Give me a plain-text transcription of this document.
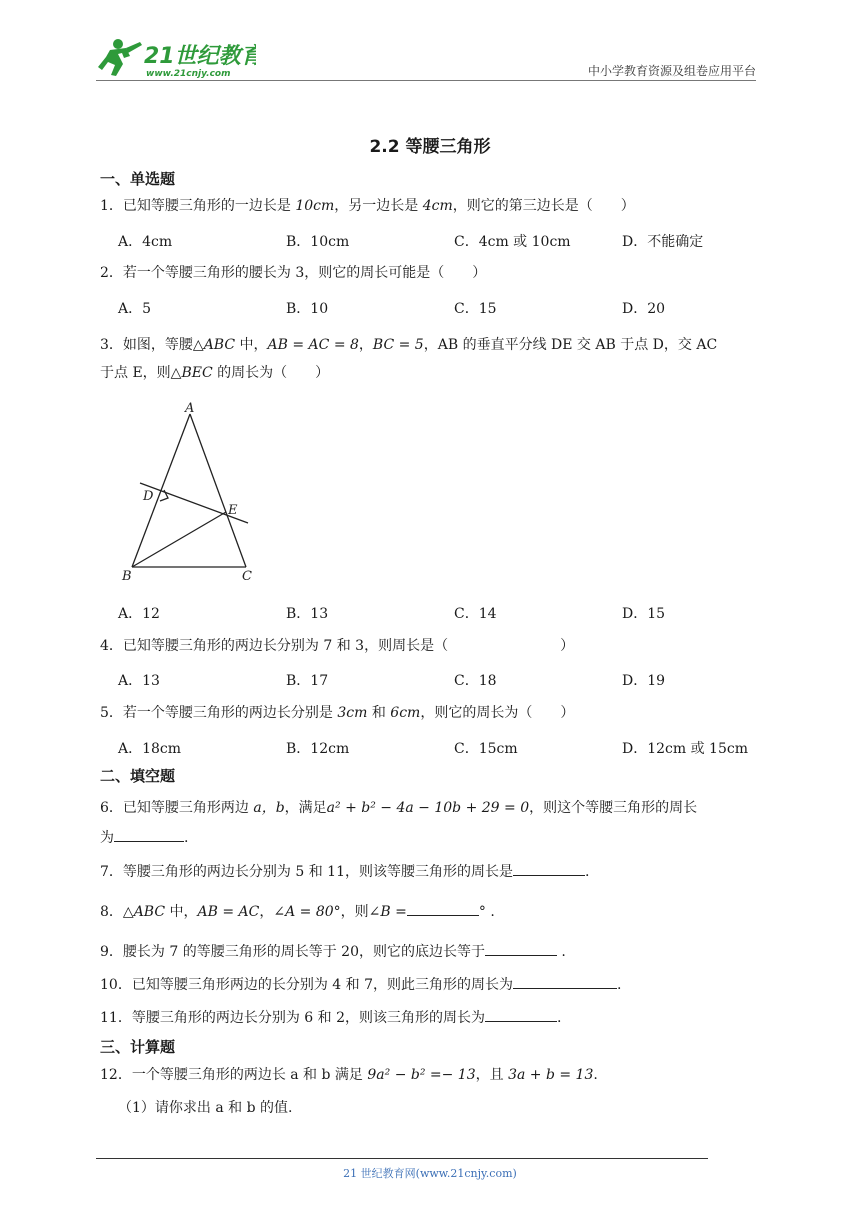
21世纪教育
www.21cnjy.com	中小学教育资源及组卷应用平台
2.2 等腰三角形
一、单选题
1．已知等腰三角形的一边长是 10cm，另一边长是 4cm，则它的第三边长是（　　）
A．4cm	B．10cm	C．4cm 或 10cm	D．不能确定
2．若一个等腰三角形的腰长为 3，则它的周长可能是（　　）
A．5	B．10	C．15	D．20
3．如图，等腰△ABC 中，AB = AC = 8，BC = 5，AB 的垂直平分线 DE 交 AB 于点 D，交 AC
于点 E，则△BEC 的周长为（　　）
A
B	C
D
E
A．12	B．13	C．14	D．15
4．已知等腰三角形的两边长分别为 7 和 3，则周长是（　　　　　　　　）
A．13	B．17	C．18	D．19
5．若一个等腰三角形的两边长分别是 3cm 和 6cm，则它的周长为（　　）
A．18cm	B．12cm	C．15cm	D．12cm 或 15cm
二、填空题
6．已知等腰三角形两边 a，b，满足a² + b² − 4a − 10b + 29 = 0，则这个等腰三角形的周长
为	.
7．等腰三角形的两边长分别为 5 和 11，则该等腰三角形的周长是	.
8．△ABC 中，AB = AC，∠A = 80°，则∠B =	° .
9．腰长为 7 的等腰三角形的周长等于 20，则它的底边长等于	.
10．已知等腰三角形两边的长分别为 4 和 7，则此三角形的周长为	.
11．等腰三角形的两边长分别为 6 和 2，则该三角形的周长为	.
三、计算题
12．一个等腰三角形的两边长 a 和 b 满足 9a² − b² =− 13，且 3a + b = 13.
（1）请你求出 a 和 b 的值.
21 世纪教育网(www.21cnjy.com)
